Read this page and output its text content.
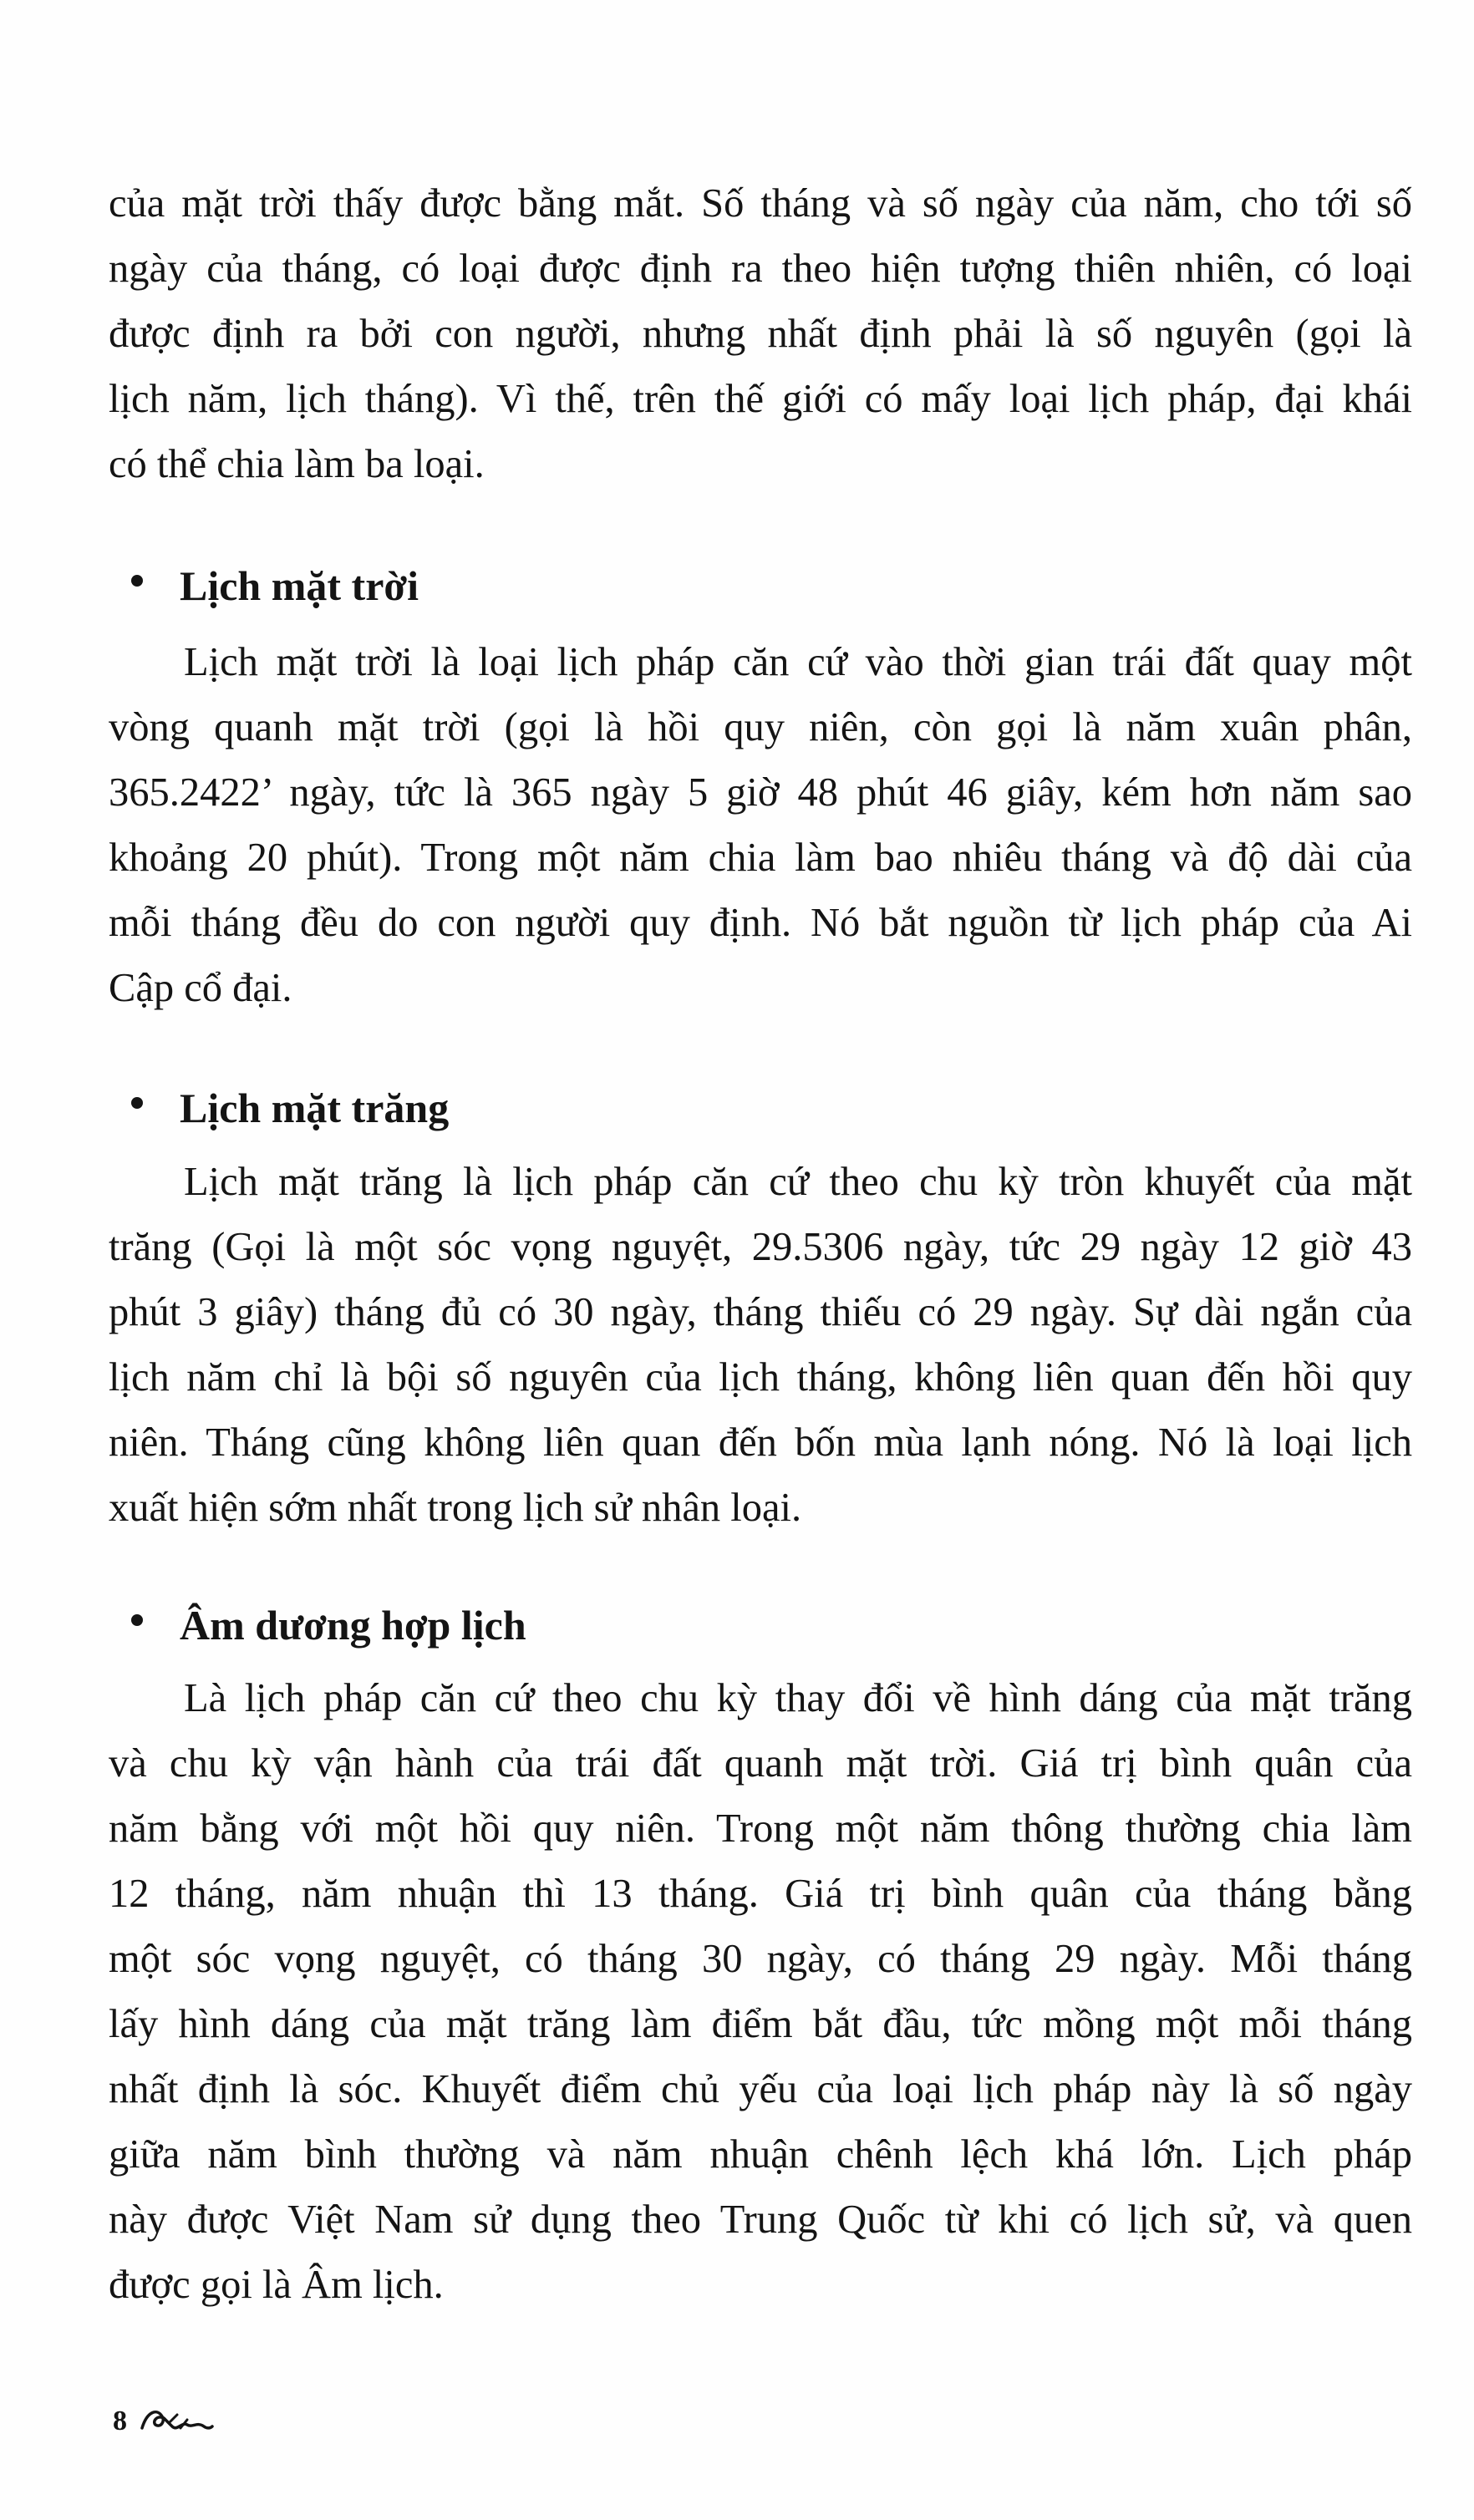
của mặt trời thấy được bằng mắt. Số tháng và số ngày của năm, cho tới số
ngày của tháng, có loại được định ra theo hiện tượng thiên nhiên, có loại
được định ra bởi con người, nhưng nhất định phải là số nguyên (gọi là
lịch năm, lịch tháng). Vì thế, trên thế giới có mấy loại lịch pháp, đại khái
có thể chia làm ba loại.
Lịch mặt trời
Lịch mặt trời là loại lịch pháp căn cứ vào thời gian trái đất quay một
vòng quanh mặt trời (gọi là hồi quy niên, còn gọi là năm xuân phân,
365.2422’ ngày, tức là 365 ngày 5 giờ 48 phút 46 giây, kém hơn năm sao
khoảng 20 phút). Trong một năm chia làm bao nhiêu tháng và độ dài của
mỗi tháng đều do con người quy định. Nó bắt nguồn từ lịch pháp của Ai
Cập cổ đại.
Lịch mặt trăng
Lịch mặt trăng là lịch pháp căn cứ theo chu kỳ tròn khuyết của mặt
trăng (Gọi là một sóc vọng nguyệt, 29.5306 ngày, tức 29 ngày 12 giờ 43
phút 3 giây) tháng đủ có 30 ngày, tháng thiếu có 29 ngày. Sự dài ngắn của
lịch năm chỉ là bội số nguyên của lịch tháng, không liên quan đến hồi quy
niên. Tháng cũng không liên quan đến bốn mùa lạnh nóng. Nó là loại lịch
xuất hiện sớm nhất trong lịch sử nhân loại.
Âm dương hợp lịch
Là lịch pháp căn cứ theo chu kỳ thay đổi về hình dáng của mặt trăng
và chu kỳ vận hành của trái đất quanh mặt trời. Giá trị bình quân của
năm bằng với một hồi quy niên. Trong một năm thông thường chia làm
12 tháng, năm nhuận thì 13 tháng. Giá trị bình quân của tháng bằng
một sóc vọng nguyệt, có tháng 30 ngày, có tháng 29 ngày. Mỗi tháng
lấy hình dáng của mặt trăng làm điểm bắt đầu, tức mồng một mỗi tháng
nhất định là sóc. Khuyết điểm chủ yếu của loại lịch pháp này là số ngày
giữa năm bình thường và năm nhuận chênh lệch khá lớn. Lịch pháp
này được Việt Nam sử dụng theo Trung Quốc từ khi có lịch sử, và quen
được gọi là Âm lịch.
8
